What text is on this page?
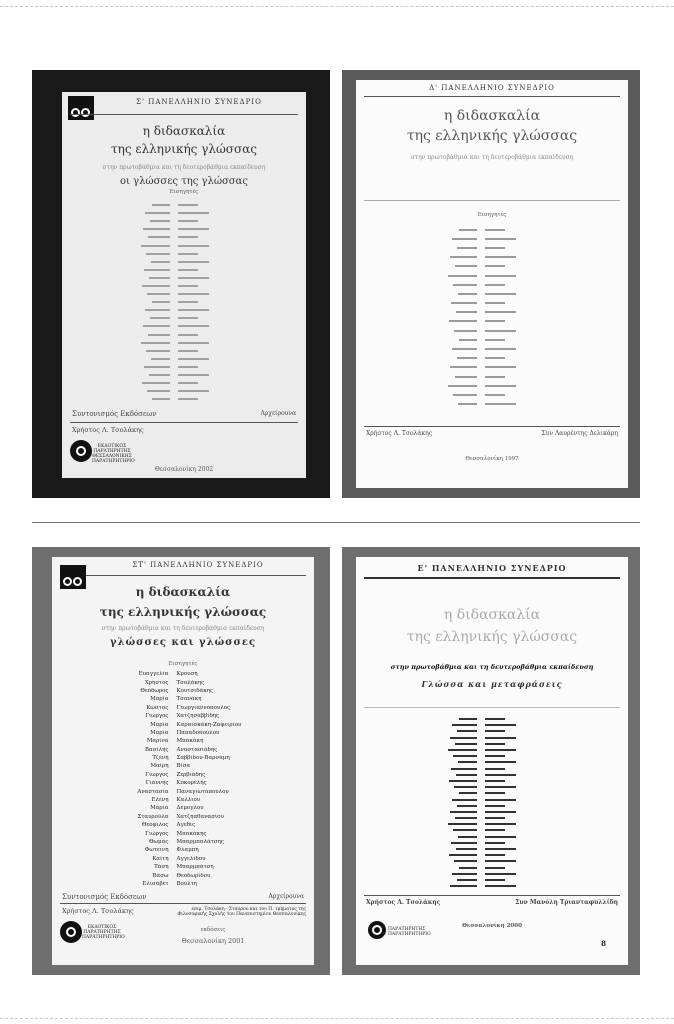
Σ' ΠΑΝΕΛΛΗΝΙΟ ΣΥΝΕΔΡΙΟ
η διδασκαλία
της ελληνικής γλώσσας
στην πρωτοβάθμια και τη δευτεροβάθμια εκπαίδευση
οι γλώσσες της γλώσσας
Εισηγητές
Συντονισμός Εκδόσεων	Αρχείρουνα
Χρήστος Λ. Τσολάκης
ΕΚΔΟΤΙΚΟΣ ΠΑΡΑΤΗΡΗΤΗΣ ΘΕΣΣΑΛΟΝΙΚΗΣ ΠΑΡΑΤΗΡΗΤΗΡΙΟ
Θεσσαλονίκη 2002
Δ' ΠΑΝΕΛΛΗΝΙΟ ΣΥΝΕΔΡΙΟ
η διδασκαλία
της ελληνικής γλώσσας
στην πρωτοβάθμια και τη δευτεροβάθμια εκπαίδευση
Εισηγητές
Χρήστος Λ. Τσολάκης	Συν Λαυρέντης Δελικάρη
Θεσσαλονίκη 1997
ΣΤ' ΠΑΝΕΛΛΗΝΙΟ ΣΥΝΕΔΡΙΟ
η διδασκαλία
της ελληνικής γλώσσας
στην πρωτοβάθμια και τη δευτεροβάθμια εκπαίδευση
γλώσσες και γλώσσες
Εισηγητές
Ευαγγελία	Κρουσή
Χρήστος	Τσολάκης
Θεόδωρος	Κουτσιδάκης
Μαρία	Τσανάκη
Κώστας	Γεωργιαννόπουλος
Γιώργος	Χατζησαββίδης
Μαρία	Καραϊσκάκη-Ζαφειρίου
Μαρία	Παπαδοπούλου
Μαρίνα	Μπακάκη
Βασίλης	Αναστασιάδης
Τζένη	Σαββίδου-Βαρσάμη
Μαίρη	Βίσα
Γιώργος	Ζερβιάδης
Γιάννης	Κοκορέλης
Αναστασία	Παναγιωτοπούλου
Ελένη	Καλλιου
Μαρία	Δέμογλου
Σταυρούλα	Χατζηαθανασίου
Θεόφιλος	Αγεδίς
Γιώργος	Μπακάκης
Θωμάς	Μπαρμπαλάτσης
Φωτεινή	Φλαμπή
Καίτη	Αγγελίδου
Τάση	Μπαρμπάτση
Βάσω	Θεοδωρίδου
Ελισάβετ	Βούλτη
Συντονισμός Εκδόσεων	Αρχείρουνα
Χρήστος Λ. Τσολάκης	επιμ. Τσολάκη - Σταύρου και του Π. τμήματος της Φιλοσοφικής Σχολής του Πανεπιστημίου Θεσσαλονίκης
ΕΚΔΟΤΙΚΟΣ ΠΑΡΑΤΗΡΗΤΗΣ ΠΑΡΑΤΗΡΗΤΗΡΙΟ
εκδόσεις
Θεσσαλονίκη 2001
Ε' ΠΑΝΕΛΛΗΝΙΟ ΣΥΝΕΔΡΙΟ
η διδασκαλία
της ελληνικής γλώσσας
στην πρωτοβάθμια και τη δευτεροβάθμια εκπαίδευση
Γλώσσα και μεταφράσεις
Χρήστος Λ. Τσολάκης	Συν Μανόλη Τριανταφυλλίδη
Θεσσαλονίκη 2000
ΠΑΡΑΤΗΡΗΤΗΣ ΠΑΡΑΤΗΡΗΤΗΡΙΟ
8
